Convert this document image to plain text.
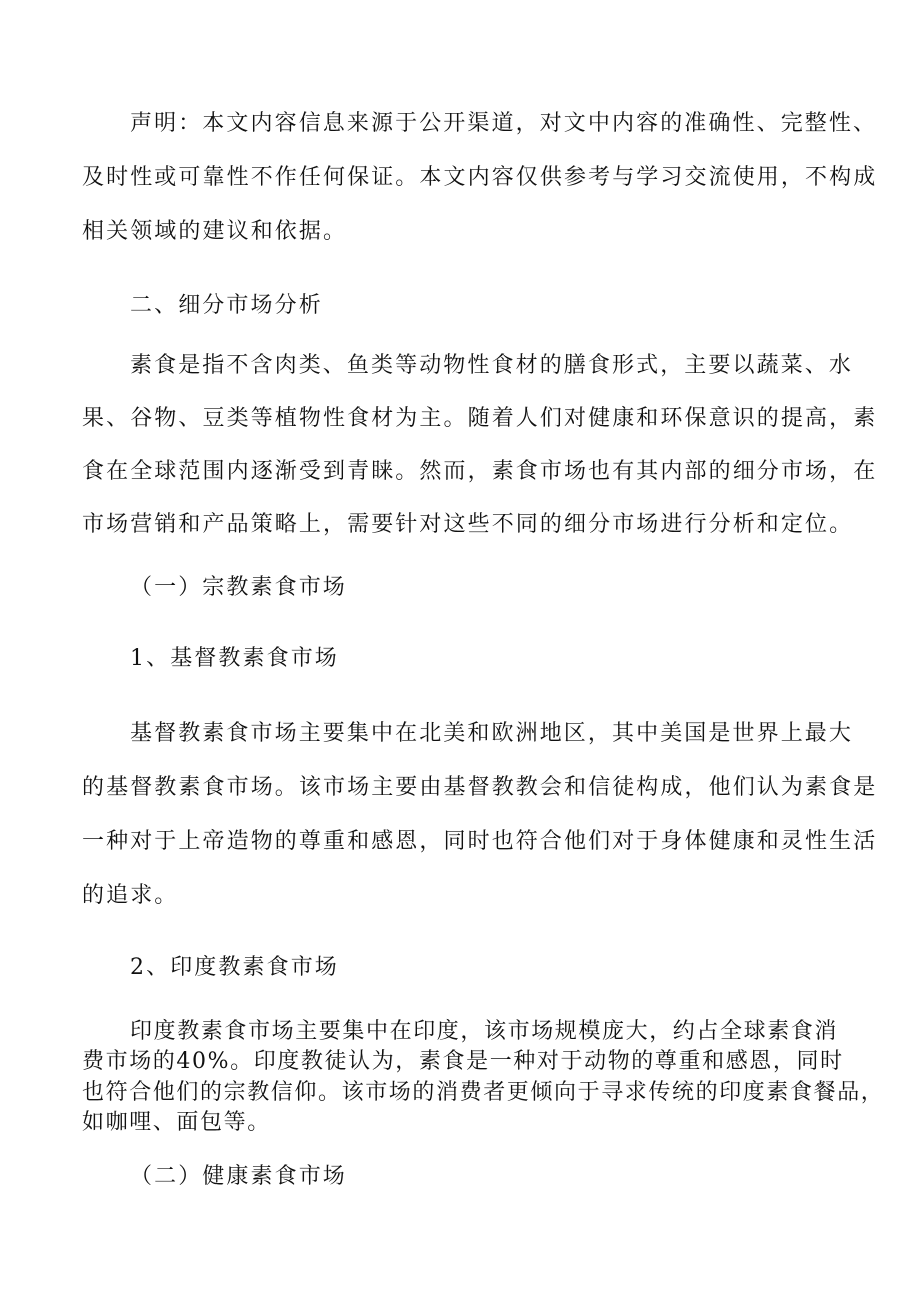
声明：本文内容信息来源于公开渠道，对文中内容的准确性、完整性、
及时性或可靠性不作任何保证。本文内容仅供参考与学习交流使用，不构成
相关领域的建议和依据。
二、细分市场分析
素食是指不含肉类、鱼类等动物性食材的膳食形式，主要以蔬菜、水
果、谷物、豆类等植物性食材为主。随着人们对健康和环保意识的提高，素
食在全球范围内逐渐受到青睐。然而，素食市场也有其内部的细分市场，在
市场营销和产品策略上，需要针对这些不同的细分市场进行分析和定位。
（一）宗教素食市场
1、基督教素食市场
基督教素食市场主要集中在北美和欧洲地区，其中美国是世界上最大
的基督教素食市场。该市场主要由基督教教会和信徒构成，他们认为素食是
一种对于上帝造物的尊重和感恩，同时也符合他们对于身体健康和灵性生活
的追求。
2、印度教素食市场
印度教素食市场主要集中在印度，该市场规模庞大，约占全球素食消
费市场的40%。印度教徒认为，素食是一种对于动物的尊重和感恩，同时
也符合他们的宗教信仰。该市场的消费者更倾向于寻求传统的印度素食餐品，
如咖哩、面包等。
（二）健康素食市场
